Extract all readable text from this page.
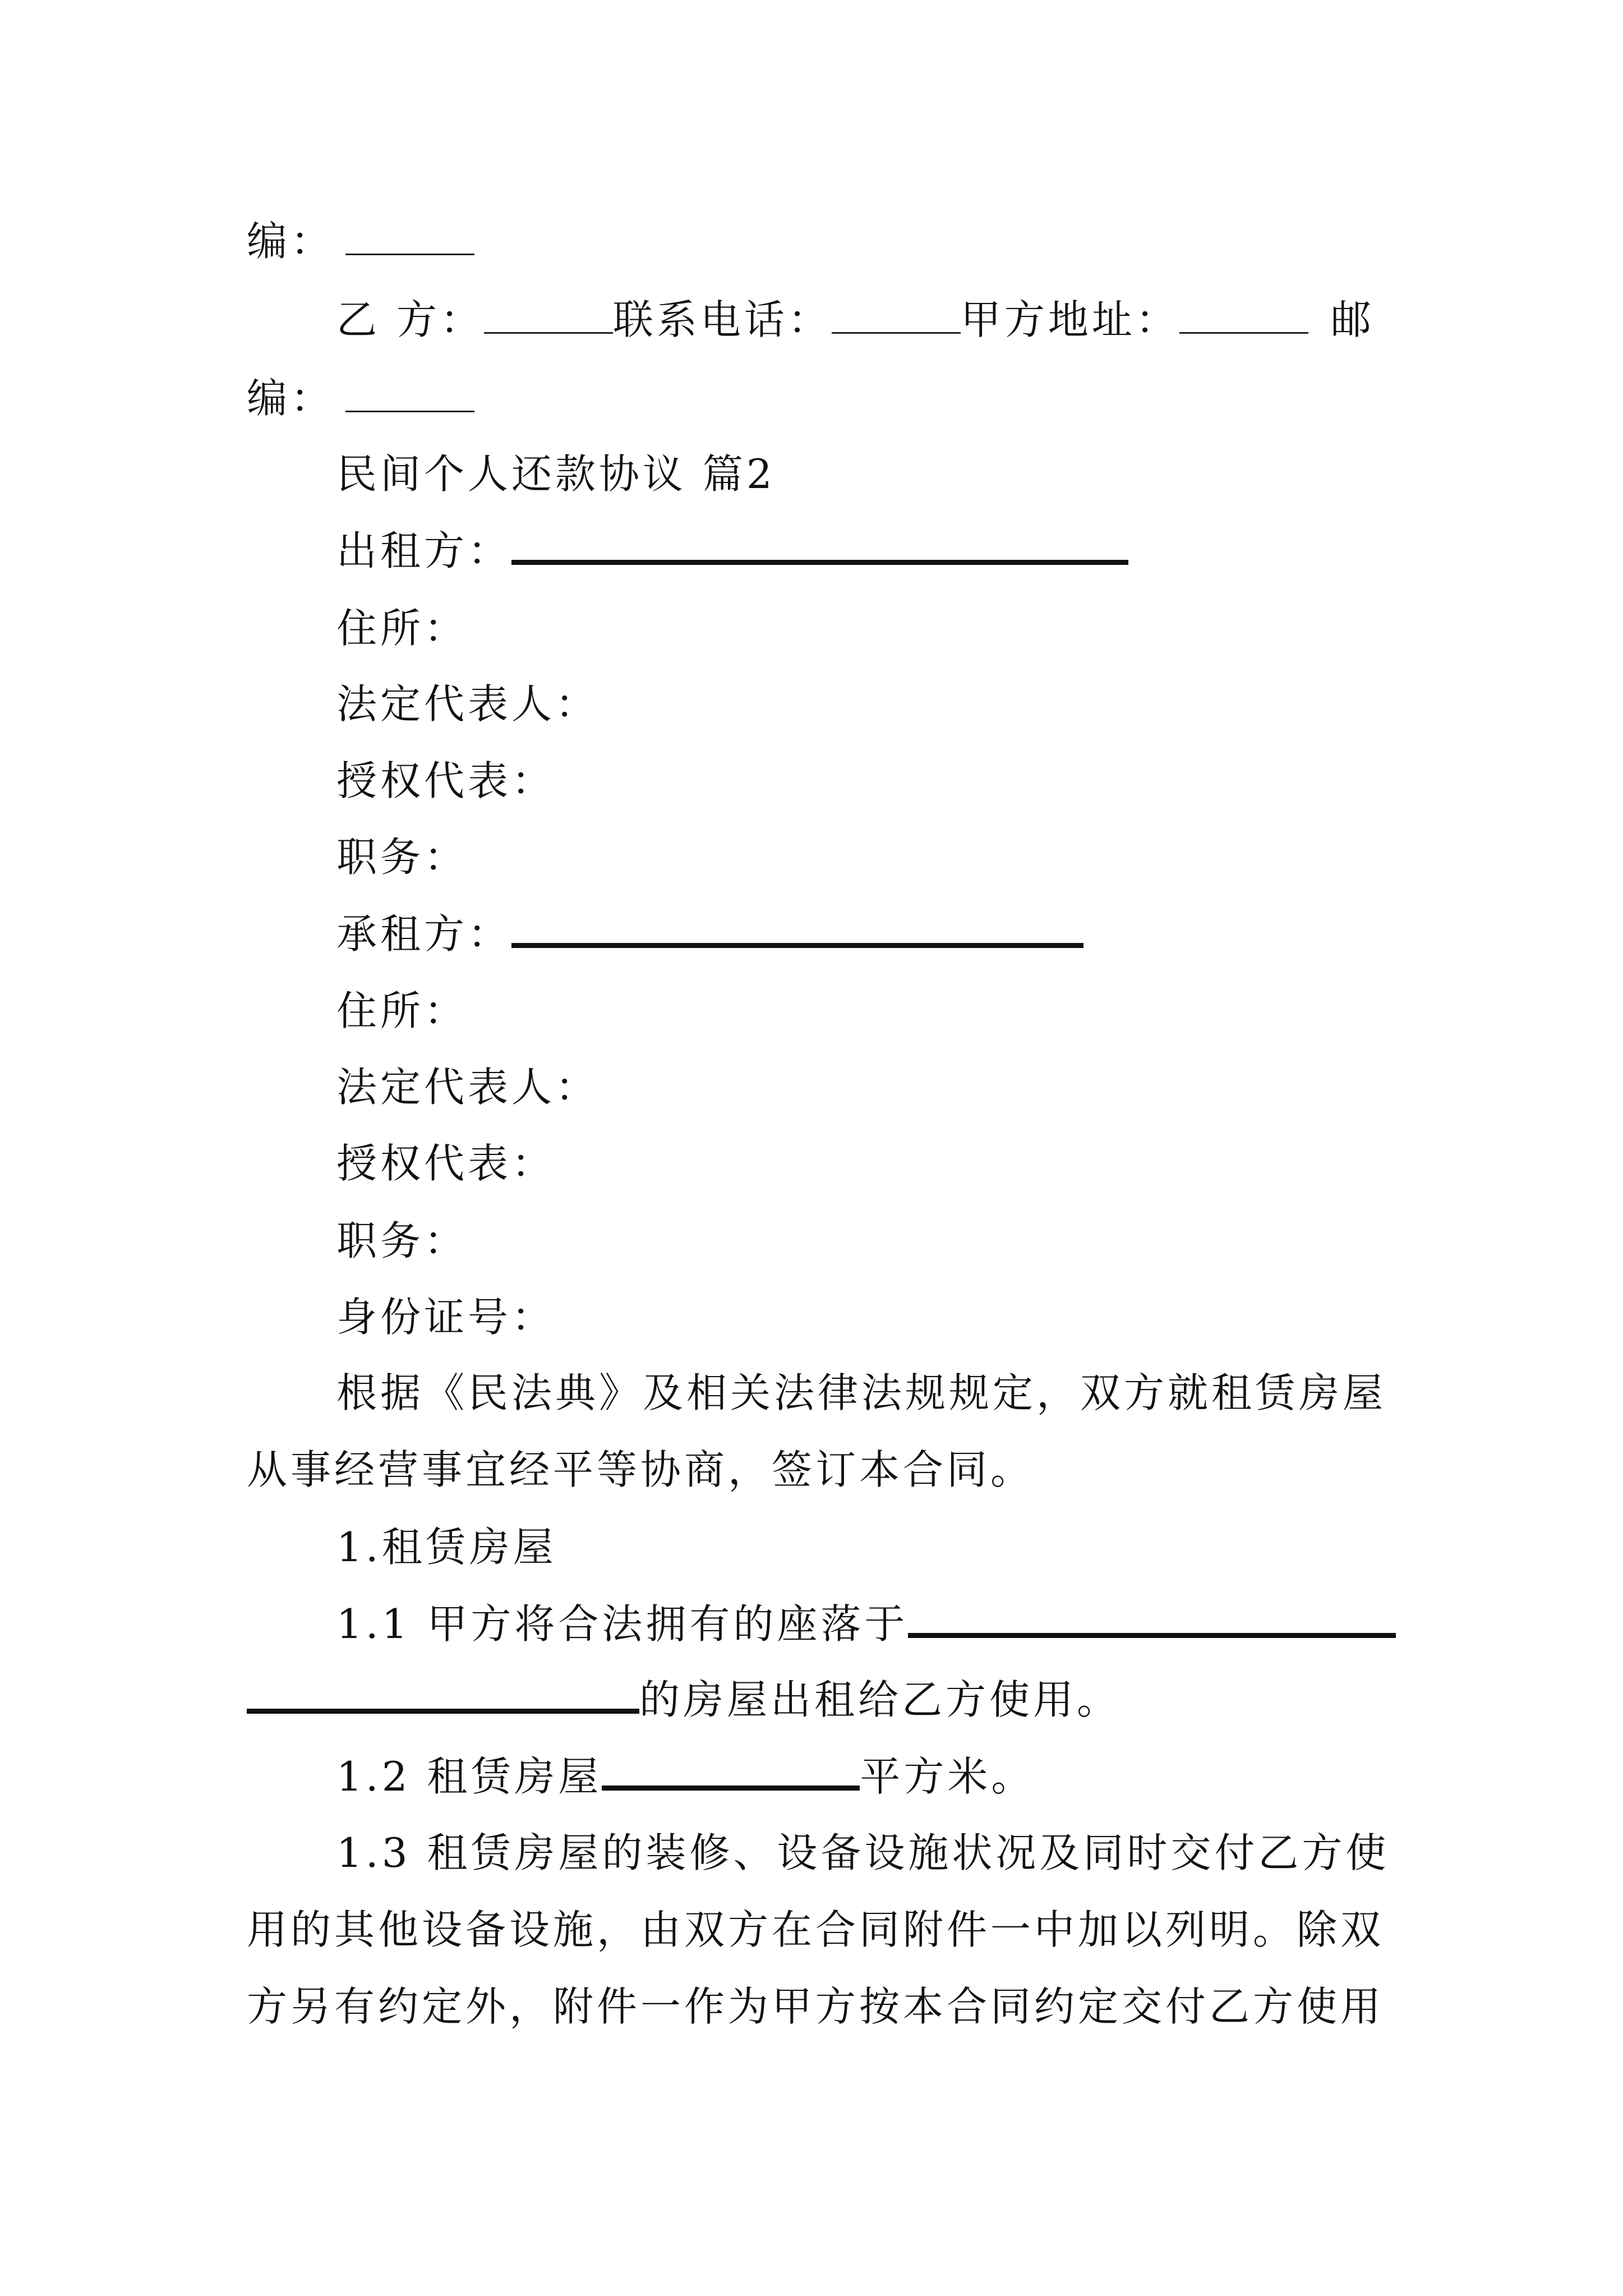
编：
乙 方：	联系电话：	甲方地址：	邮
编：
民间个人还款协议 篇2
出租方：
住所：
法定代表人：
授权代表：
职务：
承租方：
住所：
法定代表人：
授权代表：
职务：
身份证号：
根据《民法典》及相关法律法规规定，双方就租赁房屋
从事经营事宜经平等协商，签订本合同。
1.租赁房屋
1.1 甲方将合法拥有的座落于
的房屋出租给乙方使用。
1.2 租赁房屋	平方米。
1.3 租赁房屋的装修、设备设施状况及同时交付乙方使
用的其他设备设施，由双方在合同附件一中加以列明。除双
方另有约定外，附件一作为甲方按本合同约定交付乙方使用
